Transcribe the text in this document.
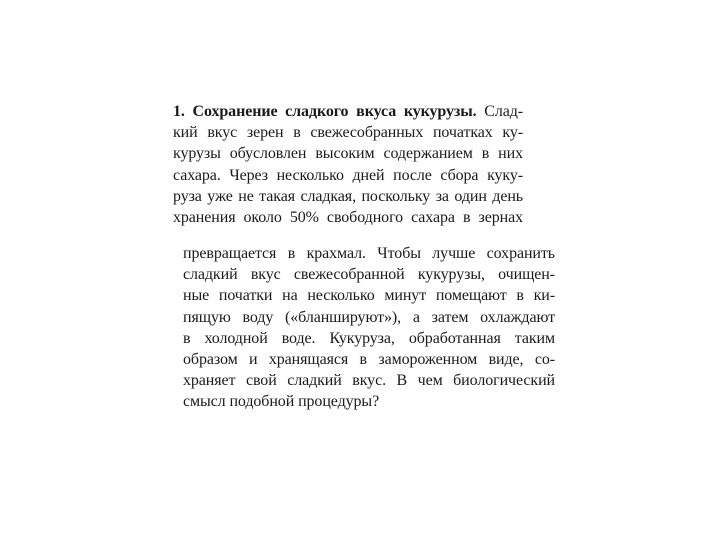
1. Сохранение сладкого вкуса кукурузы. Слад-
кий вкус зерен в свежесобранных початках ку-
курузы обусловлен высоким содержанием в них
сахара. Через несколько дней после сбора куку-
руза уже не такая сладкая, поскольку за один день
хранения около 50% свободного сахара в зернах
превращается в крахмал. Чтобы лучше сохранить
сладкий вкус свежесобранной кукурузы, очищен-
ные початки на несколько минут помещают в ки-
пящую воду («бланшируют»), а затем охлаждают
в холодной воде. Кукуруза, обработанная таким
образом и хранящаяся в замороженном виде, со-
храняет свой сладкий вкус. В чем биологический
смысл подобной процедуры?
